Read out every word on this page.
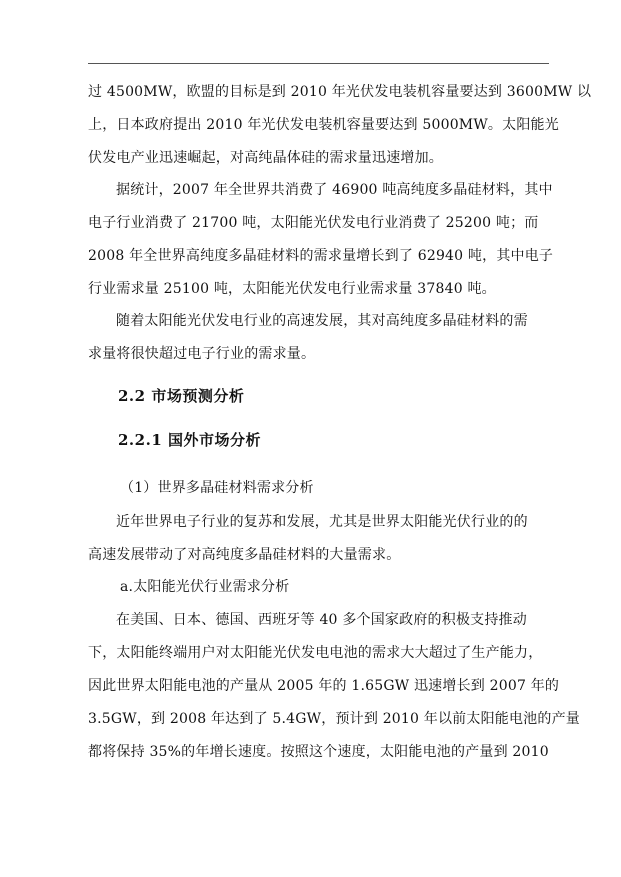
过 4500MW，欧盟的目标是到 2010 年光伏发电装机容量要达到 3600MW 以
上，日本政府提出 2010 年光伏发电装机容量要达到 5000MW。太阳能光
伏发电产业迅速崛起，对高纯晶体硅的需求量迅速增加。
据统计，2007 年全世界共消费了 46900 吨高纯度多晶硅材料，其中
电子行业消费了 21700 吨，太阳能光伏发电行业消费了 25200 吨；而
2008 年全世界高纯度多晶硅材料的需求量增长到了 62940 吨，其中电子
行业需求量 25100 吨，太阳能光伏发电行业需求量 37840 吨。
随着太阳能光伏发电行业的高速发展，其对高纯度多晶硅材料的需
求量将很快超过电子行业的需求量。
2.2 市场预测分析
2.2.1 国外市场分析
（1）世界多晶硅材料需求分析
近年世界电子行业的复苏和发展，尤其是世界太阳能光伏行业的的
高速发展带动了对高纯度多晶硅材料的大量需求。
a.太阳能光伏行业需求分析
在美国、日本、德国、西班牙等 40 多个国家政府的积极支持推动
下，太阳能终端用户对太阳能光伏发电电池的需求大大超过了生产能力，
因此世界太阳能电池的产量从 2005 年的 1.65GW 迅速增长到 2007 年的
3.5GW，到 2008 年达到了 5.4GW，预计到 2010 年以前太阳能电池的产量
都将保持 35%的年增长速度。按照这个速度，太阳能电池的产量到 2010
